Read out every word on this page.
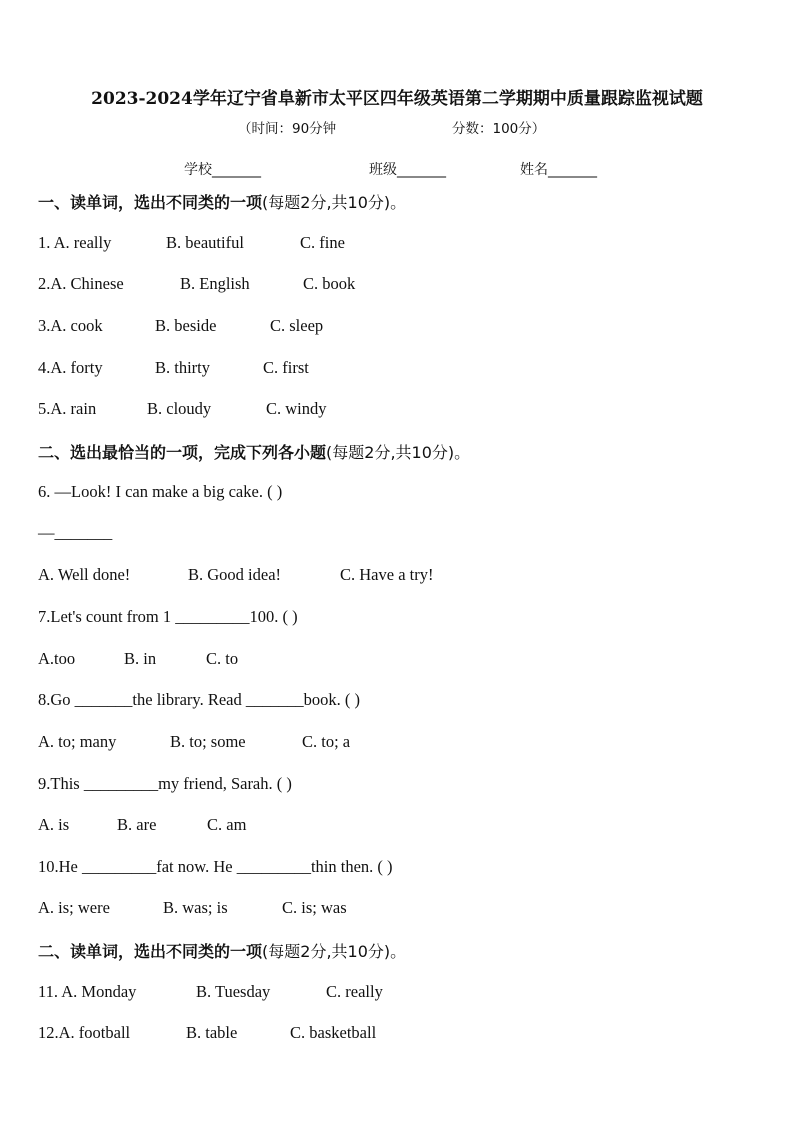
2023-2024学年辽宁省阜新市太平区四年级英语第二学期期中质量跟踪监视试题
（时间：90分钟	分数：100分）
学校_______	班级_______	姓名_______
一、读单词，选出不同类的一项(每题2分,共10分)。
1. A. really	B. beautiful	C. fine
2.A. Chinese	B. English	C. book
3.A. cook	B. beside	C. sleep
4.A. forty	B. thirty	C. first
5.A. rain	B. cloudy	C. windy
二、选出最恰当的一项，完成下列各小题(每题2分,共10分)。
6. —Look! I can make a big cake. ( )
—_______
A. Well done!	B. Good idea!	C. Have a try!
7.Let's count from 1 _________100. ( )
A.too	B. in	C. to
8.Go _______the library. Read _______book. ( )
A. to; many	B. to; some	C. to; a
9.This _________my friend, Sarah. ( )
A. is	B. are	C. am
10.He _________fat now. He _________thin then. ( )
A. is; were	B. was; is	C. is; was
二、读单词，选出不同类的一项(每题2分,共10分)。
11. A. Monday	B. Tuesday	C. really
12.A. football	B. table	C. basketball
